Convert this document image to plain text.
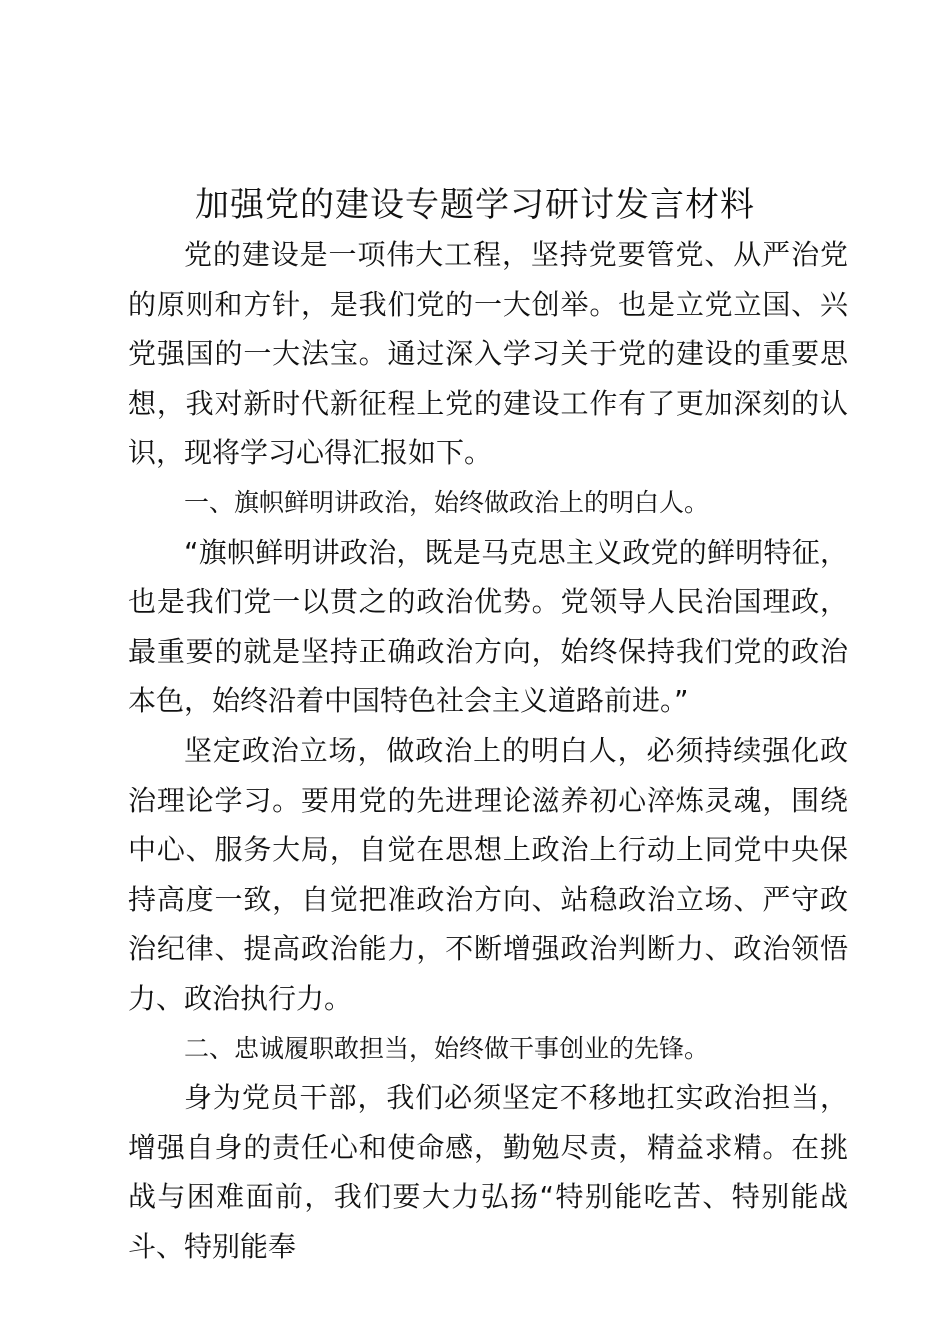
加强党的建设专题学习研讨发言材料

党的建设是一项伟大工程，坚持党要管党、从严治党的原则和方针，是我们党的一大创举。也是立党立国、兴党强国的一大法宝。通过深入学习关于党的建设的重要思想，我对新时代新征程上党的建设工作有了更加深刻的认识，现将学习心得汇报如下。

一、旗帜鲜明讲政治，始终做政治上的明白人。

“旗帜鲜明讲政治，既是马克思主义政党的鲜明特征，也是我们党一以贯之的政治优势。党领导人民治国理政，最重要的就是坚持正确政治方向，始终保持我们党的政治本色，始终沿着中国特色社会主义道路前进。”

坚定政治立场，做政治上的明白人，必须持续强化政治理论学习。要用党的先进理论滋养初心淬炼灵魂，围绕中心、服务大局，自觉在思想上政治上行动上同党中央保持高度一致，自觉把准政治方向、站稳政治立场、严守政治纪律、提高政治能力，不断增强政治判断力、政治领悟力、政治执行力。

二、忠诚履职敢担当，始终做干事创业的先锋。

身为党员干部，我们必须坚定不移地扛实政治担当，增强自身的责任心和使命感，勤勉尽责，精益求精。在挑战与困难面前，我们要大力弘扬“特别能吃苦、特别能战斗、特别能奉
